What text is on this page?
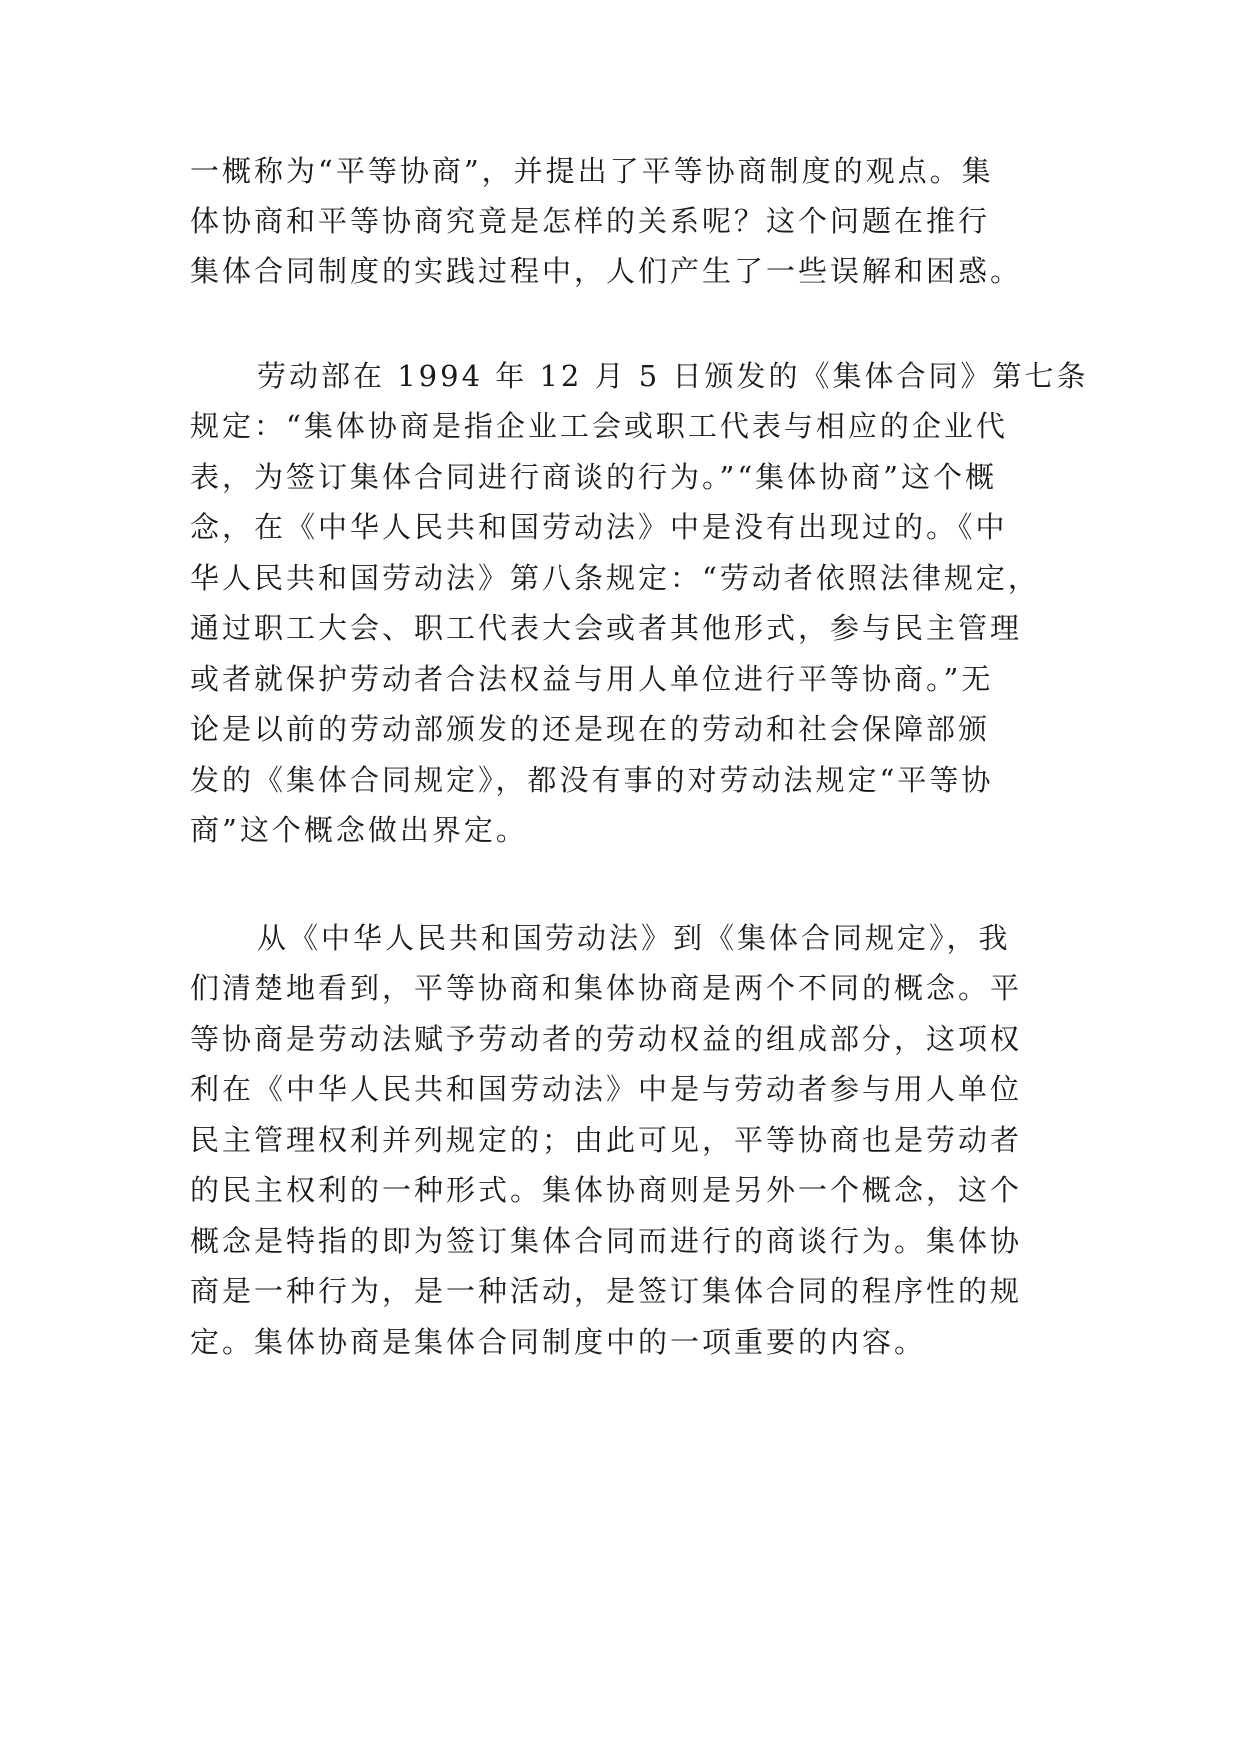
一概称为“平等协商”，并提出了平等协商制度的观点。集

体协商和平等协商究竟是怎样的关系呢？这个问题在推行

集体合同制度的实践过程中，人们产生了一些误解和困惑。

劳动部在 1994 年 12 月 5 日颁发的《集体合同》第七条

规定：“集体协商是指企业工会或职工代表与相应的企业代

表，为签订集体合同进行商谈的行为。”“集体协商”这个概

念，在《中华人民共和国劳动法》中是没有出现过的。《中

华人民共和国劳动法》第八条规定：“劳动者依照法律规定，

通过职工大会、职工代表大会或者其他形式，参与民主管理

或者就保护劳动者合法权益与用人单位进行平等协商。”无

论是以前的劳动部颁发的还是现在的劳动和社会保障部颁

发的《集体合同规定》，都没有事的对劳动法规定“平等协

商”这个概念做出界定。

从《中华人民共和国劳动法》到《集体合同规定》，我

们清楚地看到，平等协商和集体协商是两个不同的概念。平

等协商是劳动法赋予劳动者的劳动权益的组成部分，这项权

利在《中华人民共和国劳动法》中是与劳动者参与用人单位

民主管理权利并列规定的；由此可见，平等协商也是劳动者

的民主权利的一种形式。集体协商则是另外一个概念，这个

概念是特指的即为签订集体合同而进行的商谈行为。集体协

商是一种行为，是一种活动，是签订集体合同的程序性的规

定。集体协商是集体合同制度中的一项重要的内容。
